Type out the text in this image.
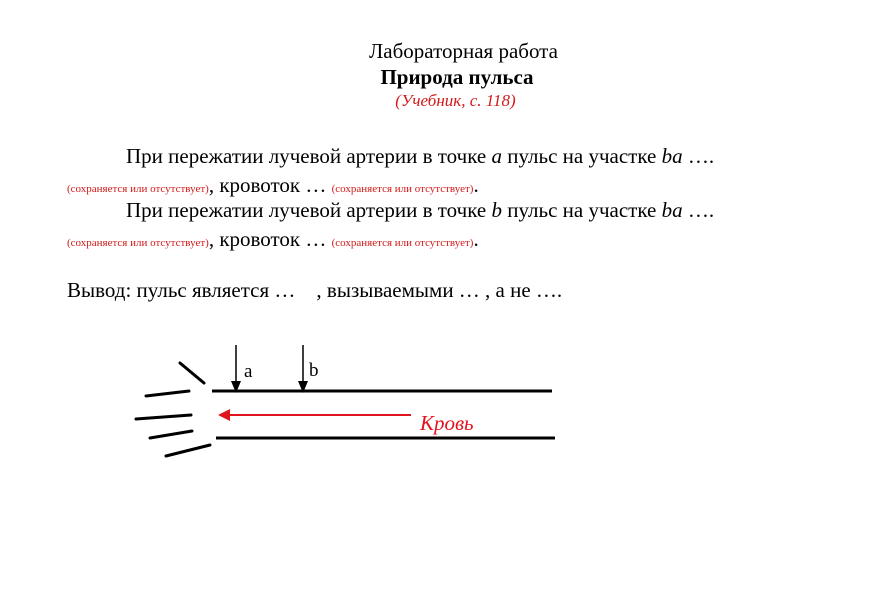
Лабораторная работа
Природа пульса
(Учебник, с. 118)
При пережатии лучевой артерии в точке a пульс на участке ba ….
(сохраняется или отсутствует), кровоток … (сохраняется или отсутствует).
При пережатии лучевой артерии в точке b пульс на участке ba ….
(сохраняется или отсутствует), кровоток … (сохраняется или отсутствует).
Вывод: пульс является …    , вызываемыми … , а не ….
a	b
Кровь
